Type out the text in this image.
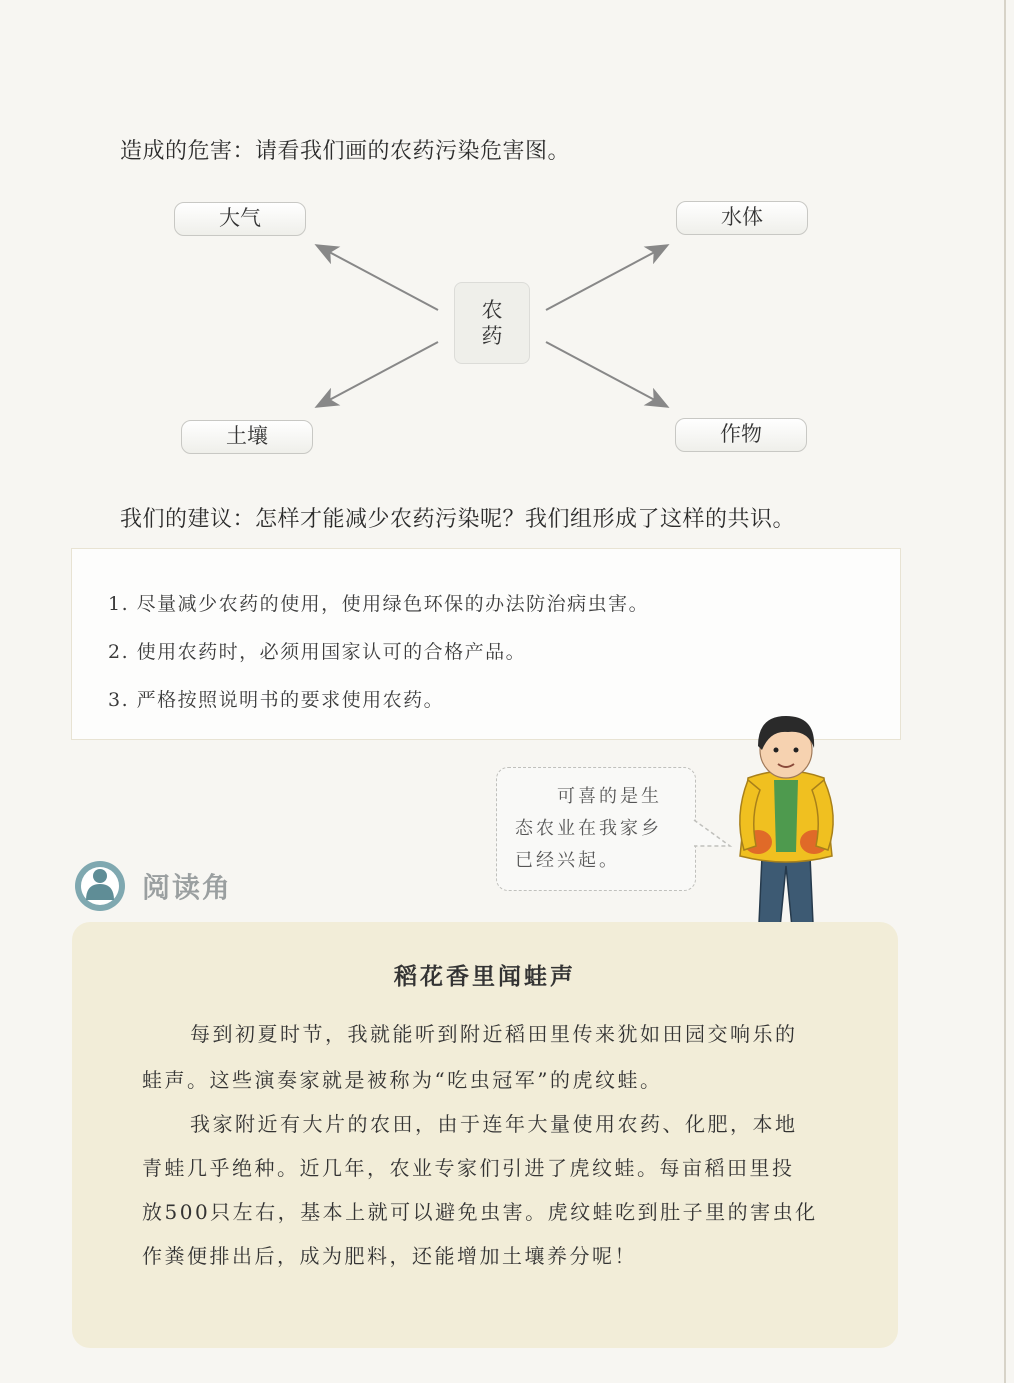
造成的危害：请看我们画的农药污染危害图。
大气	水体
土壤	作物
农
药
我们的建议：怎样才能减少农药污染呢？我们组形成了这样的共识。
1. 尽量减少农药的使用，使用绿色环保的办法防治病虫害。
2. 使用农药时，必须用国家认可的合格产品。
3. 严格按照说明书的要求使用农药。
可喜的是生
态农业在我家乡
已经兴起。
阅读角
稻花香里闻蛙声
每到初夏时节，我就能听到附近稻田里传来犹如田园交响乐的
蛙声。这些演奏家就是被称为“吃虫冠军”的虎纹蛙。
我家附近有大片的农田，由于连年大量使用农药、化肥，本地
青蛙几乎绝种。近几年，农业专家们引进了虎纹蛙。每亩稻田里投
放500只左右，基本上就可以避免虫害。虎纹蛙吃到肚子里的害虫化
作粪便排出后，成为肥料，还能增加土壤养分呢！
